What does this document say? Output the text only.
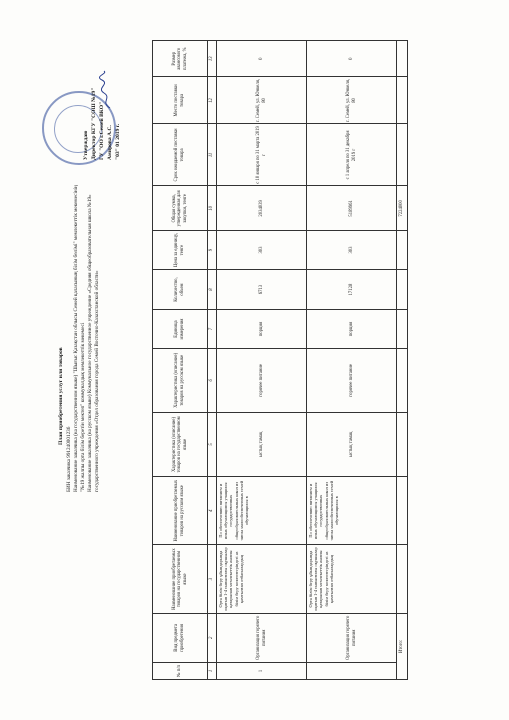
План приобретения услуг или товаров
БИН заказчика 991240001236 Наименование заказчика (на государственном языке) "Шығыс Қазақстан облысы Семей қаласының білім бөлімі" мемлекеттік мекемесінің "№19 жалпы орта білім беретін мектеп" коммуналдық мемлекеттік мекемесі Наименование заказчика (на русском языке) Коммунальное государственное учреждение «Средняя общеобразовательная школа №19» государственного учреждения «Отдел образования города Семей Восточно-Казахстанской области»
Утверждаю Директор КГУ "СОШ №19" ГУ "ОО г.Семей ВКО" Амирова А.С. "03" 01 2019 г.
№ п/п	Вид предмета приобретения	Наименование приобретаемых товаров на государственном языке	Наименование приобретаемых товаров на русском языке	Характеристика (описание) товаров на государственном языке	Характеристика (описание) товаров на русском языке	Единица измерения	Количество, объем	Цена за единицу, тенге	Общая сумма, утвержденная для закупки, тенге	Срок ожидаемой поставки товара	Место поставки товара	Размер авансового платежа, %
1	2	3	4	5	6	7	8	9	10	11	12	13
1	Организация горячего питания	Орта білім беру ұйымдарында оқитын 1-4 сыныптағы оқушылар қатарынан мемлекеттік жалпы білім беру мектептеріндегі аз қамтылған отбасылардың	По обеспечению питанием и иных обучающимся учащихся государственных общеобразовательных школ из числа малообеспеченных семей обучающихся в	ыстық тамақ	горячее питание	порция	6713	303	2034039	с 10 января по 31 марта 2019 г	г. Семей, ул. Юнкеля, 80	0
	Организация горячего питания	Орта білім беру ұйымдарында оқитын 1-4 сыныптағы оқушылар қатарынан мемлекеттік жалпы білім беру мектептеріндегі аз қамтылған отбасылардың	По обеспечению питанием и иных обучающимся учащихся государственных общеобразовательных школ из числа малообеспеченных семей обучающихся в	ыстық тамақ	горячее питание	порция	17128	303	5189961	с 1 апреля по 31 декабря 2019 г	г. Семей, ул. Юнкеля, 80	0
Итого:									7224000			
